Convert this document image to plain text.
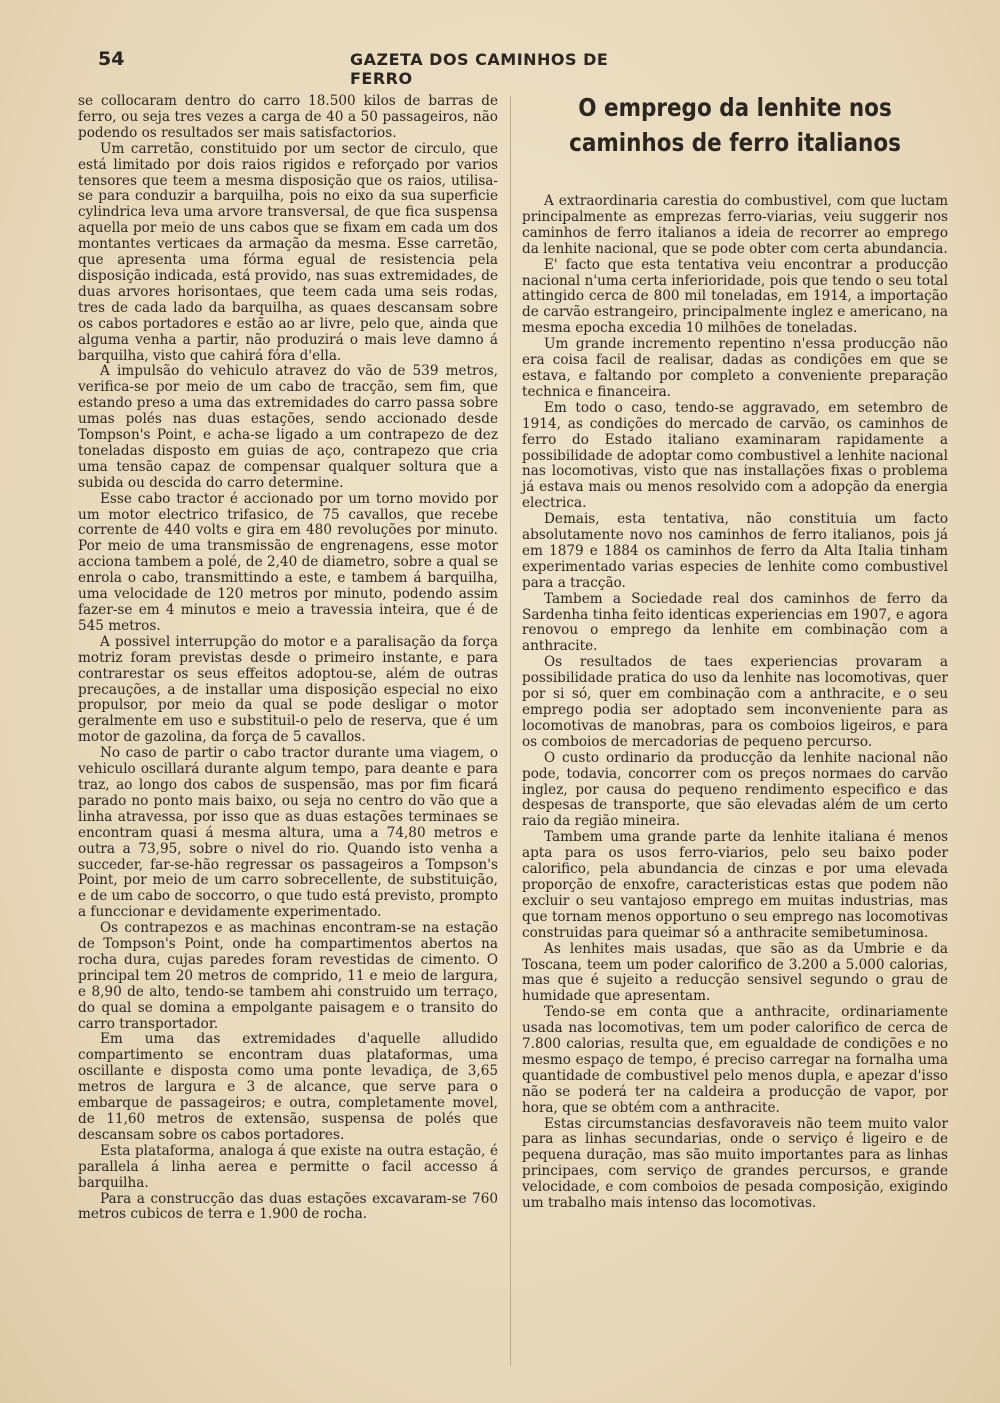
54	GAZETA DOS CAMINHOS DE FERRO

se collocaram dentro do carro 18.500 kilos de barras de ferro, ou seja tres vezes a carga de 40 a 50 passageiros, não podendo os resultados ser mais satisfactorios.

Um carretão, constituido por um sector de circulo, que está limitado por dois raios rigidos e reforçado por varios tensores que teem a mesma disposição que os raios, utilisa-se para conduzir a barquilha, pois no eixo da sua superficie cylindrica leva uma arvore transversal, de que fica suspensa aquella por meio de uns cabos que se fixam em cada um dos montantes verticaes da armação da mesma. Esse carretão, que apresenta uma fórma egual de resistencia pela disposição indicada, está provido, nas suas extremidades, de duas arvores horisontaes, que teem cada uma seis rodas, tres de cada lado da barquilha, as quaes descansam sobre os cabos portadores e estão ao ar livre, pelo que, ainda que alguma venha a partir, não produzirá o mais leve damno á barquilha, visto que cahirá fóra d'ella.

A impulsão do vehiculo atravez do vão de 539 metros, verifica-se por meio de um cabo de tracção, sem fim, que estando preso a uma das extremidades do carro passa sobre umas polés nas duas estações, sendo accionado desde Tompson's Point, e acha-se ligado a um contrapezo de dez toneladas disposto em guias de aço, contrapezo que cria uma tensão capaz de compensar qualquer soltura que a subida ou descida do carro determine.

Esse cabo tractor é accionado por um torno movido por um motor electrico trifasico, de 75 cavallos, que recebe corrente de 440 volts e gira em 480 revoluções por minuto. Por meio de uma transmissão de engrenagens, esse motor acciona tambem a polé, de 2,40 de diametro, sobre a qual se enrola o cabo, transmittindo a este, e tambem á barquilha, uma velocidade de 120 metros por minuto, podendo assim fazer-se em 4 minutos e meio a travessia inteira, que é de 545 metros.

A possivel interrupção do motor e a paralisação da força motriz foram previstas desde o primeiro instante, e para contrarestar os seus effeitos adoptou-se, além de outras precauções, a de installar uma disposição especial no eixo propulsor, por meio da qual se pode desligar o motor geralmente em uso e substituil-o pelo de reserva, que é um motor de gazolina, da força de 5 cavallos.

No caso de partir o cabo tractor durante uma viagem, o vehiculo oscillará durante algum tempo, para deante e para traz, ao longo dos cabos de suspensão, mas por fim ficará parado no ponto mais baixo, ou seja no centro do vão que a linha atravessa, por isso que as duas estações terminaes se encontram quasi á mesma altura, uma a 74,80 metros e outra a 73,95, sobre o nivel do rio. Quando isto venha a succeder, far-se-hão regressar os passageiros a Tompson's Point, por meio de um carro sobrecellente, de substituição, e de um cabo de soccorro, o que tudo está previsto, prompto a funccionar e devidamente experimentado.

Os contrapezos e as machinas encontram-se na estação de Tompson's Point, onde ha compartimentos abertos na rocha dura, cujas paredes foram revestidas de cimento. O principal tem 20 metros de comprido, 11 e meio de largura, e 8,90 de alto, tendo-se tambem ahi construido um terraço, do qual se domina a empolgante paisagem e o transito do carro transportador.

Em uma das extremidades d'aquelle alludido compartimento se encontram duas plataformas, uma oscillante e disposta como uma ponte levadiça, de 3,65 metros de largura e 3 de alcance, que serve para o embarque de passageiros; e outra, completamente movel, de 11,60 metros de extensão, suspensa de polés que descansam sobre os cabos portadores.

Esta plataforma, analoga á que existe na outra estação, é parallela á linha aerea e permitte o facil accesso á barquilha.

Para a construcção das duas estações excavaram-se 760 metros cubicos de terra e 1.900 de rocha.

O emprego da lenhite nos caminhos de ferro italianos

A extraordinaria carestia do combustivel, com que luctam principalmente as emprezas ferro-viarias, veiu suggerir nos caminhos de ferro italianos a ideia de recorrer ao emprego da lenhite nacional, que se pode obter com certa abundancia.

E' facto que esta tentativa veiu encontrar a producção nacional n'uma certa inferioridade, pois que tendo o seu total attingido cerca de 800 mil toneladas, em 1914, a importação de carvão estrangeiro, principalmente inglez e americano, na mesma epocha excedia 10 milhões de toneladas.

Um grande incremento repentino n'essa producção não era coisa facil de realisar, dadas as condições em que se estava, e faltando por completo a conveniente preparação technica e financeira.

Em todo o caso, tendo-se aggravado, em setembro de 1914, as condições do mercado de carvão, os caminhos de ferro do Estado italiano examinaram rapidamente a possibilidade de adoptar como combustivel a lenhite nacional nas locomotivas, visto que nas installações fixas o problema já estava mais ou menos resolvido com a adopção da energia electrica.

Demais, esta tentativa, não constituia um facto absolutamente novo nos caminhos de ferro italianos, pois já em 1879 e 1884 os caminhos de ferro da Alta Italia tinham experimentado varias especies de lenhite como combustivel para a tracção.

Tambem a Sociedade real dos caminhos de ferro da Sardenha tinha feito identicas experiencias em 1907, e agora renovou o emprego da lenhite em combinação com a anthracite.

Os resultados de taes experiencias provaram a possibilidade pratica do uso da lenhite nas locomotivas, quer por si só, quer em combinação com a anthracite, e o seu emprego podia ser adoptado sem inconveniente para as locomotivas de manobras, para os comboios ligeiros, e para os comboios de mercadorias de pequeno percurso.

O custo ordinario da producção da lenhite nacional não pode, todavia, concorrer com os preços normaes do carvão inglez, por causa do pequeno rendimento especifico e das despesas de transporte, que são elevadas além de um certo raio da região mineira.

Tambem uma grande parte da lenhite italiana é menos apta para os usos ferro-viarios, pelo seu baixo poder calorifico, pela abundancia de cinzas e por uma elevada proporção de enxofre, caracteristicas estas que podem não excluir o seu vantajoso emprego em muitas industrias, mas que tornam menos opportuno o seu emprego nas locomotivas construidas para queimar só a anthracite semibetuminosa.

As lenhites mais usadas, que são as da Umbrie e da Toscana, teem um poder calorifico de 3.200 a 5.000 calorias, mas que é sujeito a reducção sensivel segundo o grau de humidade que apresentam.

Tendo-se em conta que a anthracite, ordinariamente usada nas locomotivas, tem um poder calorifico de cerca de 7.800 calorias, resulta que, em egualdade de condições e no mesmo espaço de tempo, é preciso carregar na fornalha uma quantidade de combustivel pelo menos dupla, e apezar d'isso não se poderá ter na caldeira a producção de vapor, por hora, que se obtém com a anthracite.

Estas circumstancias desfavoraveis não teem muito valor para as linhas secundarias, onde o serviço é ligeiro e de pequena duração, mas são muito importantes para as linhas principaes, com serviço de grandes percursos, e grande velocidade, e com comboios de pesada composição, exigindo um trabalho mais intenso das locomotivas.
